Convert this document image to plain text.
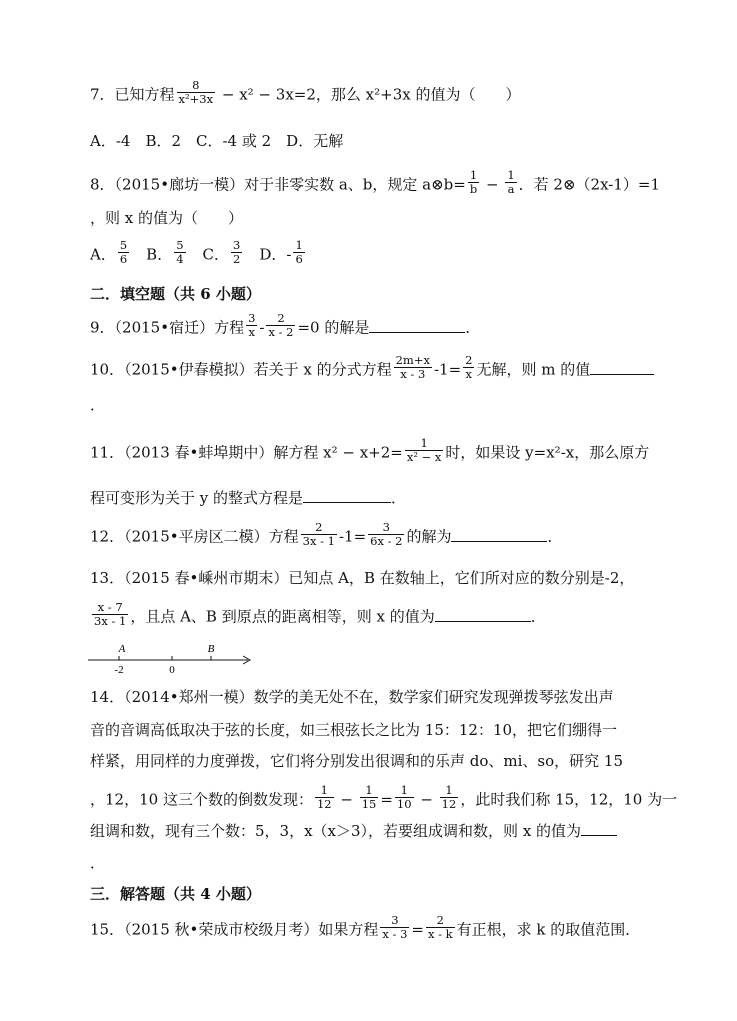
7．已知方程 $\frac{8}{\text{x²+3x}} - x^2 - 3x=2$，那么 x²+3x 的值为（　　）
A．-4　B．2　C．-4 或 2　D．无解
8．（2015•廊坊一模）对于非零实数 a、b，规定 a⊗b= $\frac{1}{b} - \frac{1}{a}$ ．若 2⊗（2x-1）=1
，则 x 的值为（　　）
A． $\frac{5}{6}$ 　B． $\frac{5}{4}$ 　C． $\frac{3}{2}$ 　D．- $\frac{1}{6}$
二．填空题（共 6 小题）
9．（2015•宿迁）方程 $\frac{3}{x} - \frac{2}{x - 2} =0$ 的解是	．
10．（2015•伊春模拟）若关于 x 的分式方程 $\frac{2m+x}{x - 3} -1= \frac{2}{x}$ 无解，则 m 的值
．
11．（2013 春•蚌埠期中）解方程 $x^2 - x+2= \frac{1}{\text{x² − x}}$ 时，如果设 y=x²-x，那么原方
程可变形为关于 y 的整式方程是	．
12．（2015•平房区二模）方程 $\frac{2}{3x - 1} -1= \frac{3}{6x - 2}$ 的解为	．
13．（2015 春•嵊州市期末）已知点 A，B 在数轴上，它们所对应的数分别是-2，
$\frac{x - 7}{3x - 1}$ ，且点 A、B 到原点的距离相等，则 x 的值为	．
A	B
-2	0
14．（2014•郑州一模）数学的美无处不在，数学家们研究发现弹拨琴弦发出声
音的音调高低取决于弦的长度，如三根弦长之比为 15：12：10，把它们绷得一
样紧，用同样的力度弹拨，它们将分别发出很调和的乐声 do、mi、so，研究 15
，12，10 这三个数的倒数发现： $\frac{1}{12} - \frac{1}{15} = \frac{1}{10} - \frac{1}{12}$ ，此时我们称 15，12，10 为一
组调和数，现有三个数：5，3，x（x＞3），若要组成调和数，则 x 的值为
．
三．解答题（共 4 小题）
15．（2015 秋•荣成市校级月考）如果方程 $\frac{3}{x - 3} = \frac{2}{x - k}$ 有正根，求 k 的取值范围．
